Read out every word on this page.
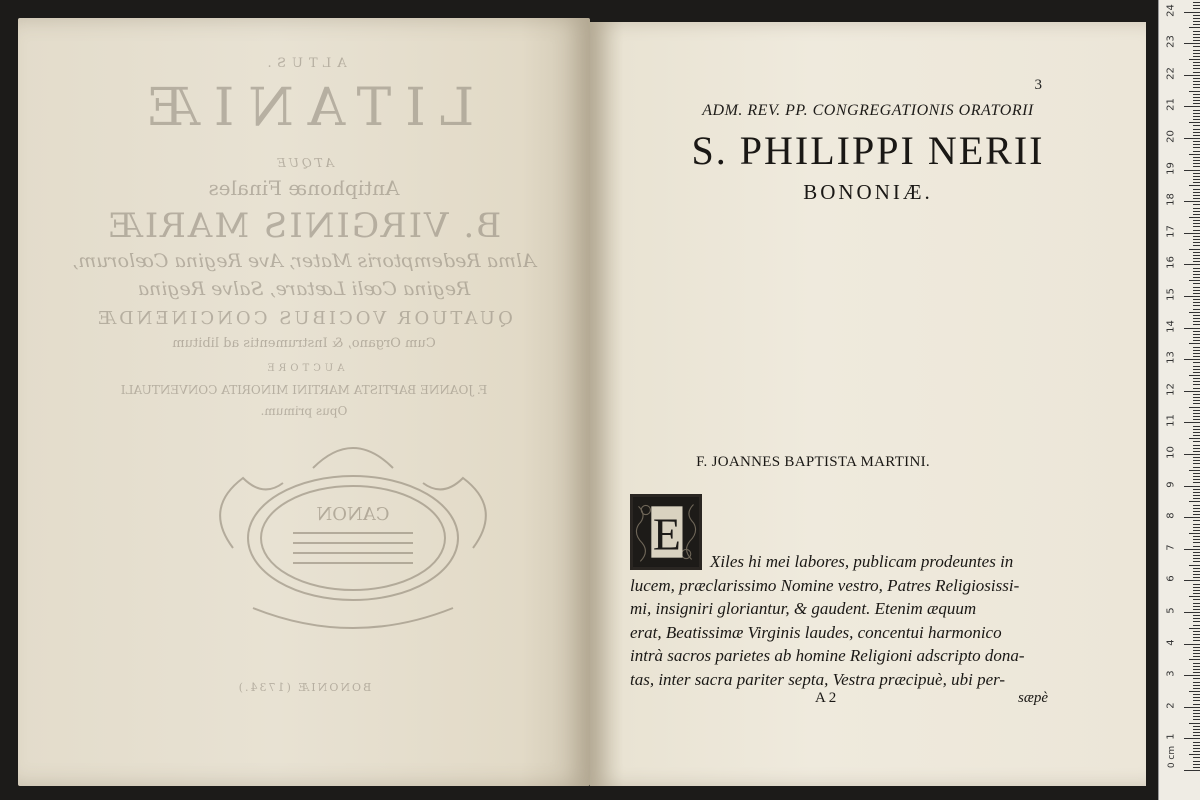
ALTUS.
LITANIÆ
ATQUE
Antiphonæ Finales
B. VIRGINIS MARIÆ
Alma Redemptoris Mater, Ave Regina Cœlorum,
Regina Cœli Lætare, Salve Regina
QUATUOR VOCIBUS CONCINENDÆ
Cum Organo, & Instrumentis ad libitum
AUCTORE
F. JOANNE BAPTISTA MARTINI MINORITA CONVENTUALI
Opus primum.
BONONIÆ (1734.)
CANON

3
ADM. REV. PP. CONGREGATIONIS ORATORII
S. PHILIPPI NERII
BONONIÆ.
F. JOANNES BAPTISTA MARTINI.
E
Xiles hi mei labores, publicam prodeuntes in
lucem, præclarissimo Nomine vestro, Patres Religiosissi-
mi, insigniri gloriantur, & gaudent. Etenim æquum
erat, Beatissimæ Virginis laudes, concentui harmonico
intrà sacros parietes ab homine Religioni adscripto dona-
tas, inter sacra pariter septa, Vestra præcipuè, ubi per-
A 2	sæpè
0 cm
1
2
3
4
5
6
7
8
9
10
11
12
13
14
15
16
17
18
19
20
21
22
23
24
